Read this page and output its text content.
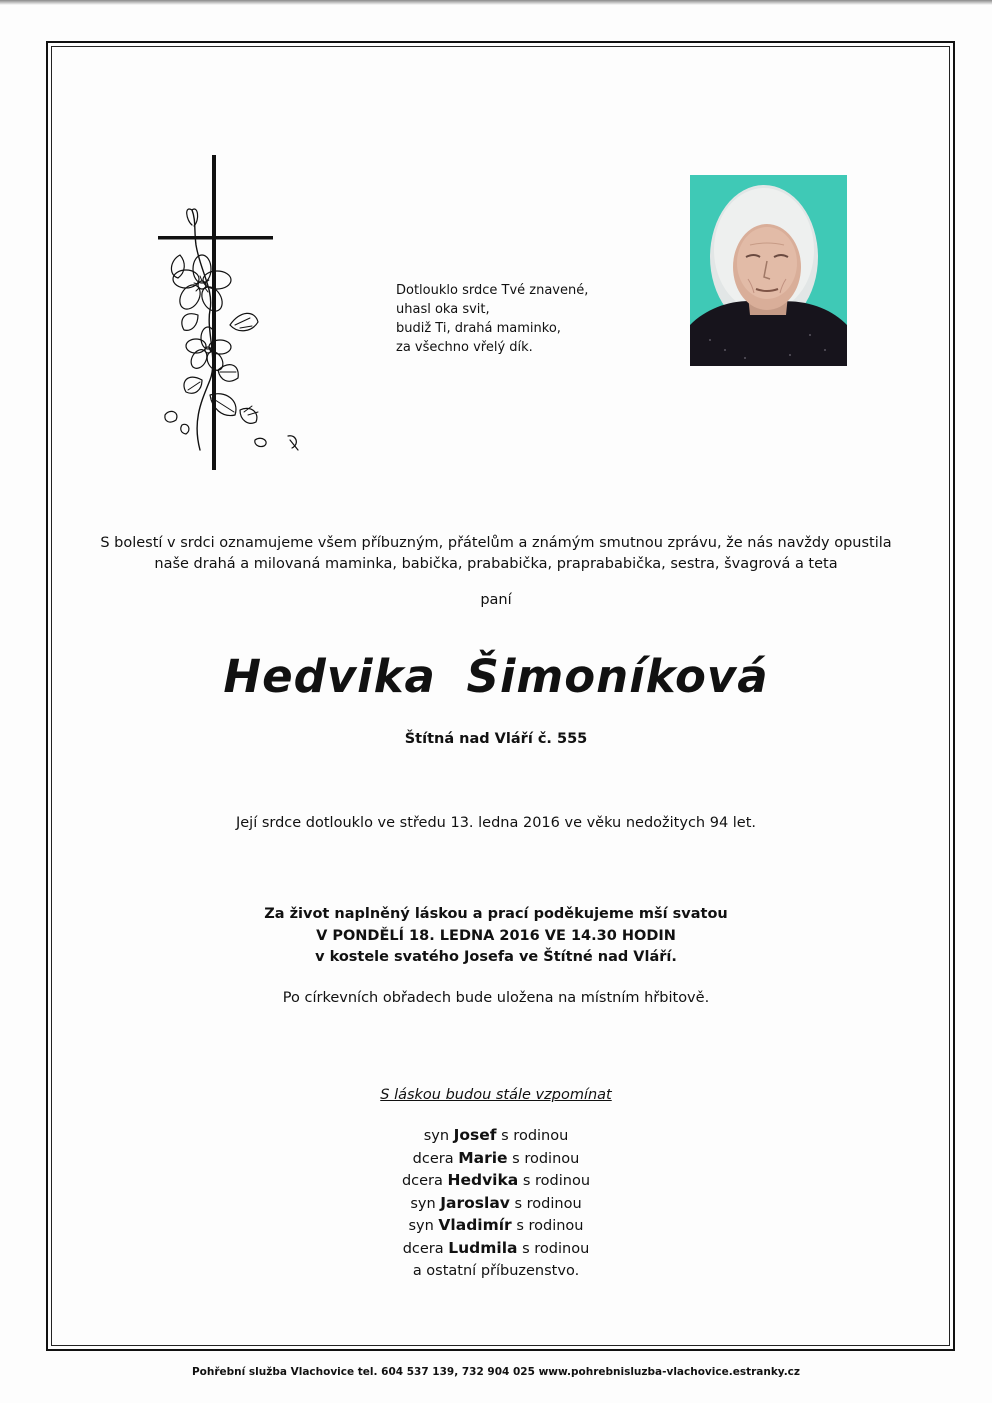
Dotlouklo srdce Tvé znavené,
uhasl oka svit,
budiž Ti, drahá maminko,
za všechno vřelý dík.
S bolestí v srdci oznamujeme všem příbuzným, přátelům a známým smutnou zprávu, že nás navždy opustila
naše drahá a milovaná maminka, babička, prababička, praprababička, sestra, švagrová a teta
paní
Hedvika Šimoníková
Štítná nad Vláří č. 555
Její srdce dotlouklo ve středu 13. ledna 2016 ve věku nedožitych 94 let.
Za život naplněný láskou a prací poděkujeme mší svatou
V PONDĚLÍ 18. LEDNA 2016 VE 14.30 HODIN
v kostele svatého Josefa ve Štítné nad Vláří.
Po církevních obřadech bude uložena na místním hřbitově.
S láskou budou stále vzpomínat
syn Josef s rodinou
dcera Marie s rodinou
dcera Hedvika s rodinou
syn Jaroslav s rodinou
syn Vladimír s rodinou
dcera Ludmila s rodinou
a ostatní příbuzenstvo.
Pohřební služba Vlachovice tel. 604 537 139, 732 904 025 www.pohrebnisluzba-vlachovice.estranky.cz
